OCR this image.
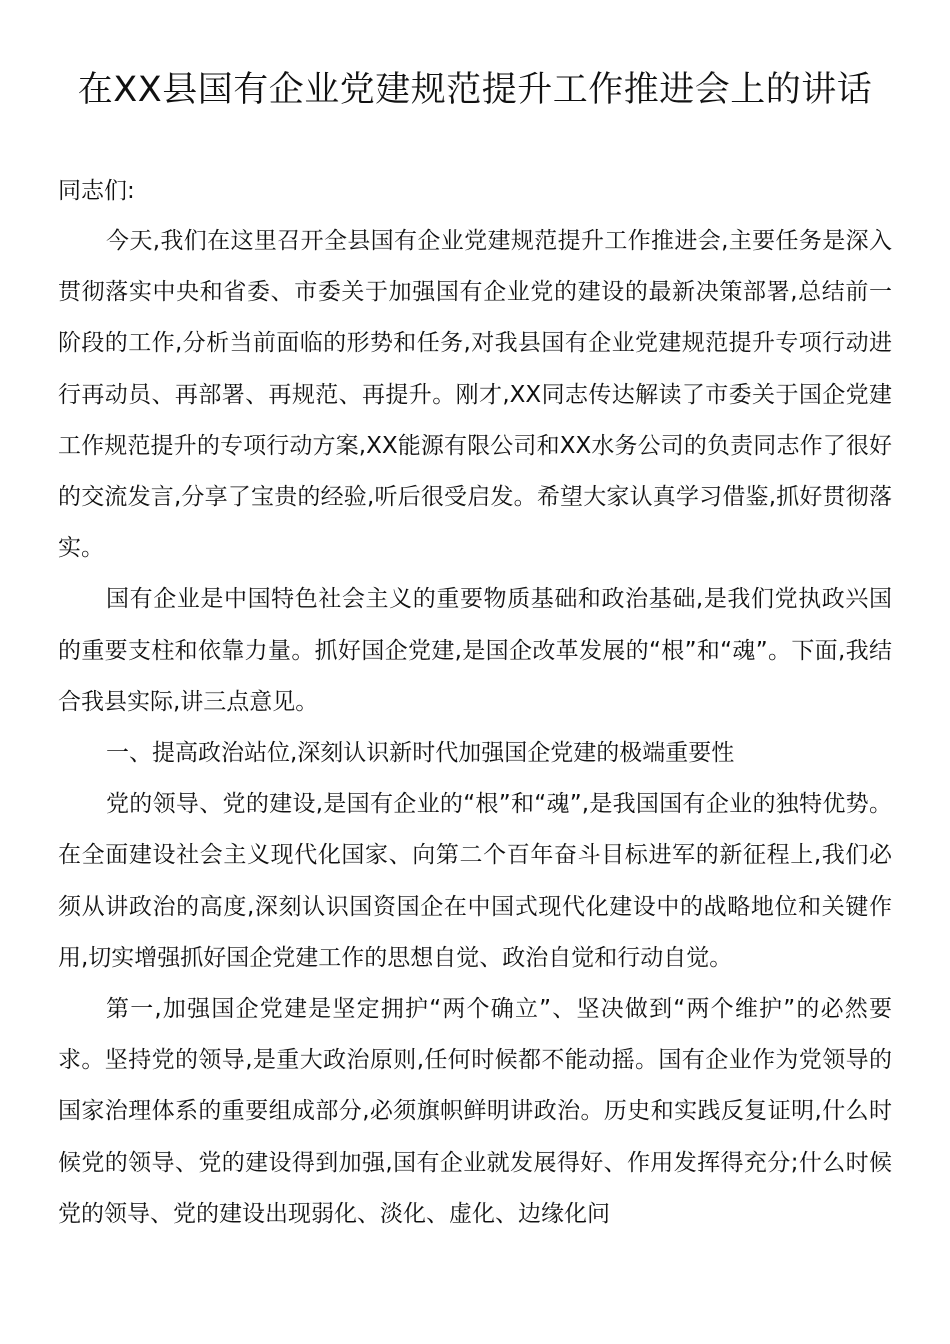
在XX县国有企业党建规范提升工作推进会上的讲话

同志们:

今天,我们在这里召开全县国有企业党建规范提升工作推进会,主要任务是深入贯彻落实中央和省委、市委关于加强国有企业党的建设的最新决策部署,总结前一阶段的工作,分析当前面临的形势和任务,对我县国有企业党建规范提升专项行动进行再动员、再部署、再规范、再提升。刚才,XX同志传达解读了市委关于国企党建工作规范提升的专项行动方案,XX能源有限公司和XX水务公司的负责同志作了很好的交流发言,分享了宝贵的经验,听后很受启发。希望大家认真学习借鉴,抓好贯彻落实。

国有企业是中国特色社会主义的重要物质基础和政治基础,是我们党执政兴国的重要支柱和依靠力量。抓好国企党建,是国企改革发展的“根”和“魂”。下面,我结合我县实际,讲三点意见。

一、提高政治站位,深刻认识新时代加强国企党建的极端重要性

党的领导、党的建设,是国有企业的“根”和“魂”,是我国国有企业的独特优势。在全面建设社会主义现代化国家、向第二个百年奋斗目标进军的新征程上,我们必须从讲政治的高度,深刻认识国资国企在中国式现代化建设中的战略地位和关键作用,切实增强抓好国企党建工作的思想自觉、政治自觉和行动自觉。

第一,加强国企党建是坚定拥护“两个确立”、坚决做到“两个维护”的必然要求。坚持党的领导,是重大政治原则,任何时候都不能动摇。国有企业作为党领导的国家治理体系的重要组成部分,必须旗帜鲜明讲政治。历史和实践反复证明,什么时候党的领导、党的建设得到加强,国有企业就发展得好、作用发挥得充分;什么时候党的领导、党的建设出现弱化、淡化、虚化、边缘化问
